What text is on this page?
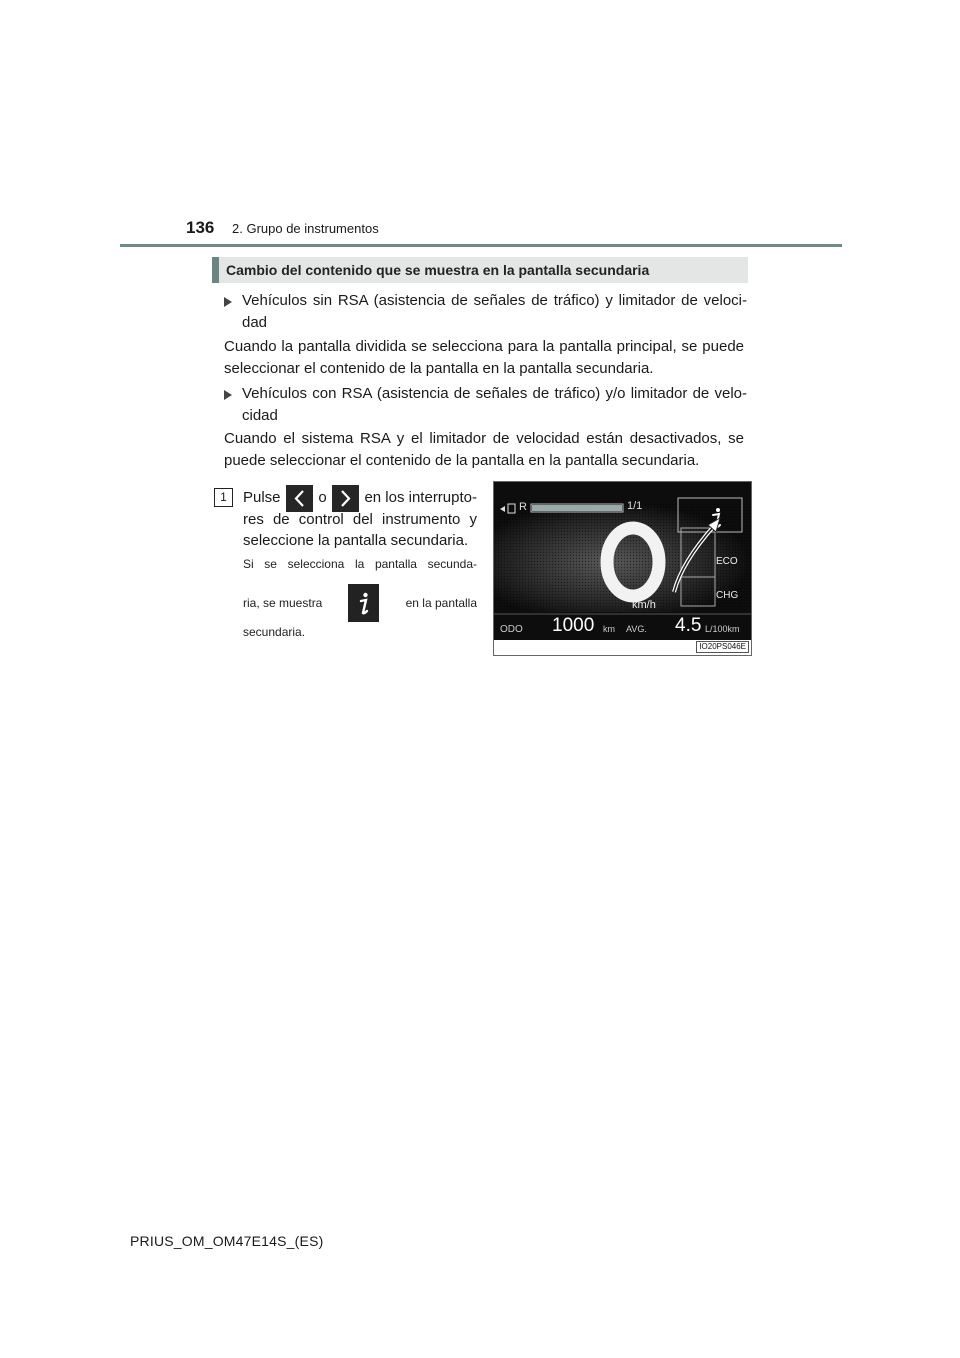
136 2. Grupo de instrumentos
Cambio del contenido que se muestra en la pantalla secundaria
Vehículos sin RSA (asistencia de señales de tráfico) y limitador de veloci- dad
Cuando la pantalla dividida se selecciona para la pantalla principal, se puede seleccionar el contenido de la pantalla en la pantalla secundaria.
Vehículos con RSA (asistencia de señales de tráfico) y/o limitador de velo- cidad
Cuando el sistema RSA y el limitador de velocidad están desactivados, se puede seleccionar el contenido de la pantalla en la pantalla secundaria.
1	Pulse	o	en los interrupto-
res de control del instrumento y
seleccione la pantalla secundaria.
Si se selecciona la pantalla secunda-
ria, se muestra	en la pantalla
secundaria.
R	1/1
km/h
ECO
CHG
ODO 1000 km AVG. 4.5 L/100km
IO20PS046E
PRIUS_OM_OM47E14S_(ES)
